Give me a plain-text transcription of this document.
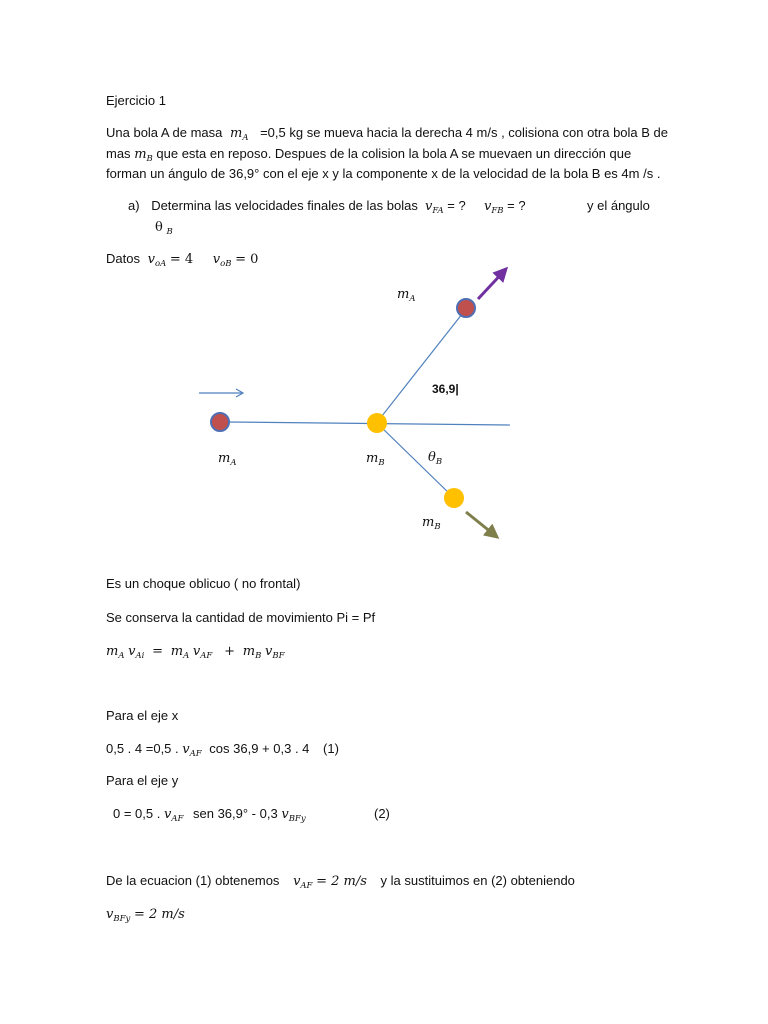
Ejercicio 1
Una bola A de masa $m_A =0,5$ kg se mueva hacia la derecha 4 m/s , colisiona con otra bola B de
mas $m_B$ que esta en reposo. Despues de la colision la bola A se muevaen un dirección que
forman un ángulo de 36,9° con el eje x y la componente x de la velocidad de la bola B es 4m /s .
a) Determina las velocidades finales de las bolas $v_{FA}$ = ? $v_{FB}$ = ?	y el ángulo
θ $_B$
Datos $v_{oA} = 4$ $v_{oB} = 0$
$m_A$
36,9|
$m_A$	$m_B$	$\theta_B$
$m_B$
Es un choque oblicuo ( no frontal)
Se conserva la cantidad de movimiento Pi = Pf
$m_A$ $v_{Ai} = m_A$ $v_{AF} + m_B$ $v_{BF}$
Para el eje x
0,5 . 4 =0,5 . $v_{AF}$ cos 36,9 + 0,3 . 4 (1)
Para el eje y
0 = 0,5 . $v_{AF}$ sen 36,9° - 0,3 $v_{BFy}$	(2)
De la ecuacion (1) obtenemos $v_{AF} = 2$ m/s y la sustituimos en (2) obteniendo
$v_{BFy} = 2$ m/s
